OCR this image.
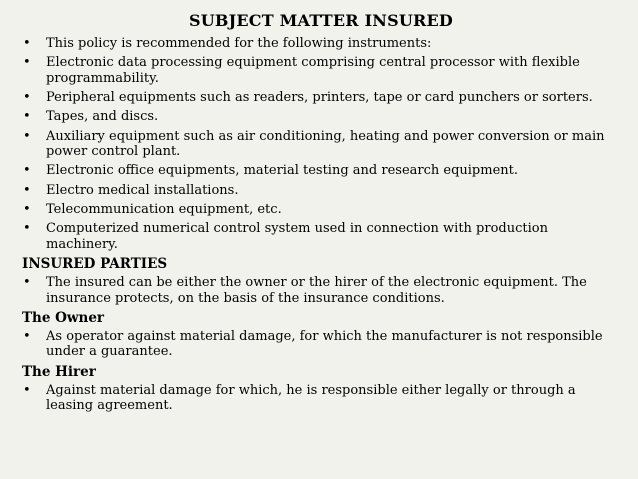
SUBJECT MATTER INSURED
• This policy is recommended for the following instruments:
• Electronic data processing equipment comprising central processor with flexible programmability.
• Peripheral equipments such as readers, printers, tape or card punchers or sorters.
• Tapes, and discs.
• Auxiliary equipment such as air conditioning, heating and power conversion or main power control plant.
• Electronic office equipments, material testing and research equipment.
• Electro medical installations.
• Telecommunication equipment, etc.
• Computerized numerical control system used in connection with production machinery.
INSURED PARTIES
• The insured can be either the owner or the hirer of the electronic equipment. The insurance protects, on the basis of the insurance conditions.
The Owner
• As operator against material damage, for which the manufacturer is not responsible under a guarantee.
The Hirer
• Against material damage for which, he is responsible either legally or through a leasing agreement.
